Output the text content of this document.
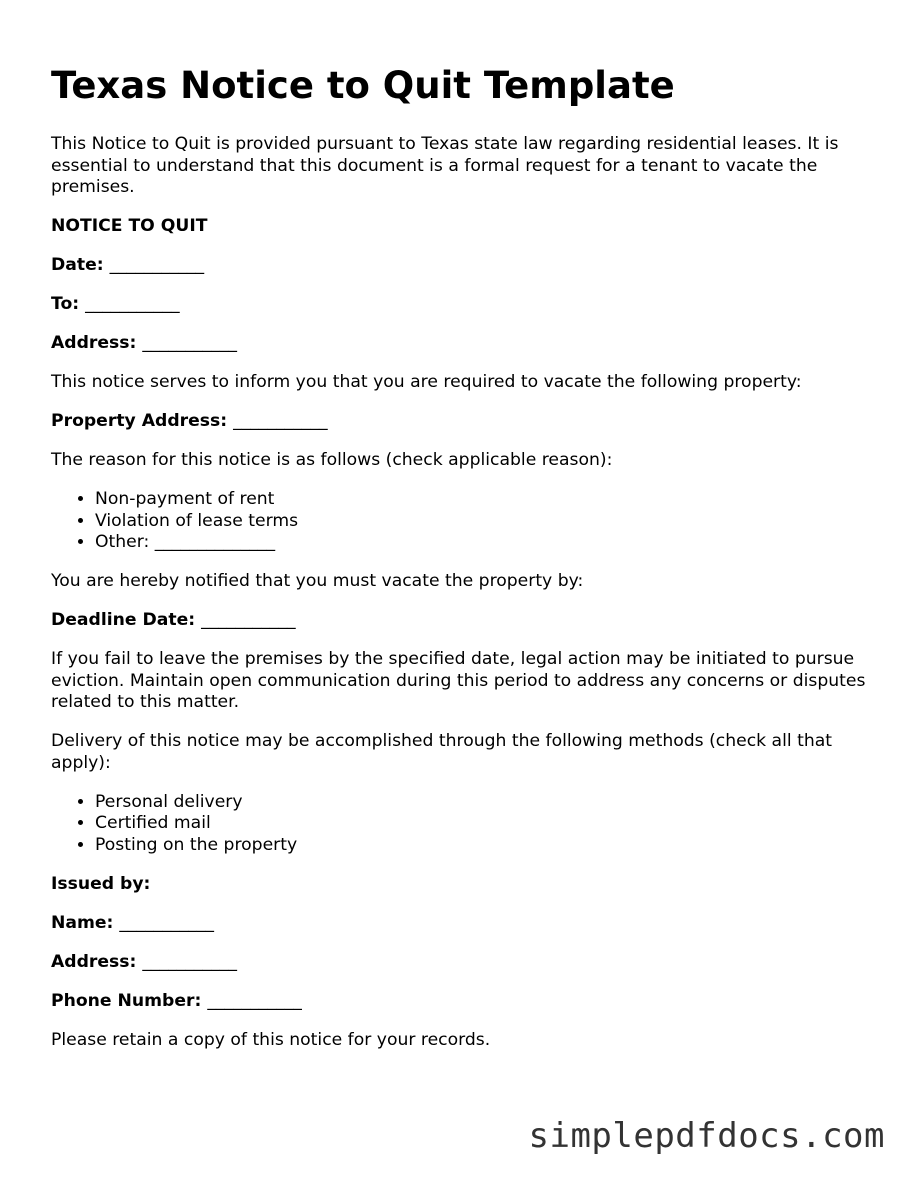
Texas Notice to Quit Template

This Notice to Quit is provided pursuant to Texas state law regarding residential leases. It is essential to understand that this document is a formal request for a tenant to vacate the premises.

NOTICE TO QUIT

Date: ___________

To: ___________

Address: ___________

This notice serves to inform you that you are required to vacate the following property:

Property Address: ___________

The reason for this notice is as follows (check applicable reason):

• Non-payment of rent
• Violation of lease terms
• Other: ______________

You are hereby notified that you must vacate the property by:

Deadline Date: ___________

If you fail to leave the premises by the specified date, legal action may be initiated to pursue eviction. Maintain open communication during this period to address any concerns or disputes related to this matter.

Delivery of this notice may be accomplished through the following methods (check all that apply):

• Personal delivery
• Certified mail
• Posting on the property

Issued by:

Name: ___________

Address: ___________

Phone Number: ___________

Please retain a copy of this notice for your records.

simplepdfdocs.com
